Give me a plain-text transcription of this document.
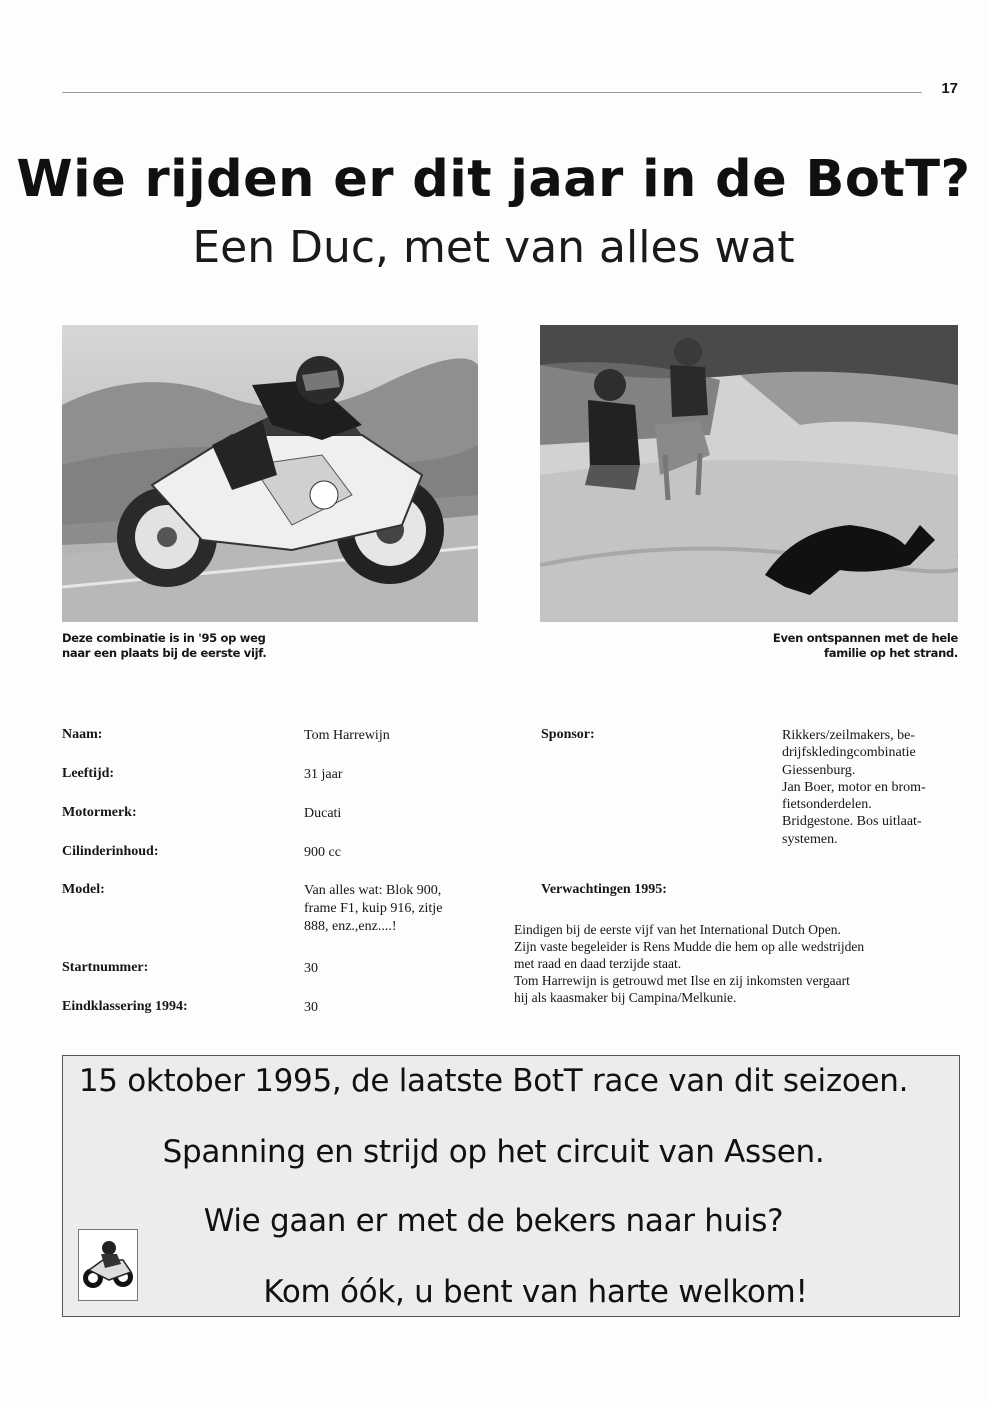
17
Wie rijden er dit jaar in de BotT?
Een Duc, met van alles wat
Deze combinatie is in '95 op weg
naar een plaats bij de eerste vijf.
Even ontspannen met de hele
familie op het strand.
Naam:	Tom Harrewijn
Leeftijd:	31 jaar
Motormerk:	Ducati
Cilinderinhoud:	900 cc
Model:	Van alles wat: Blok 900,
frame F1, kuip 916, zitje
888, enz.,enz....!
Startnummer:	30
Eindklassering 1994:	30
Sponsor:	Rikkers/zeilmakers, be-
drijfskledingcombinatie
Giessenburg.
Jan Boer, motor en brom-
fietsonderdelen.
Bridgestone. Bos uitlaat-
systemen.
Verwachtingen 1995:
Eindigen bij de eerste vijf van het International Dutch Open.
Zijn vaste begeleider is Rens Mudde die hem op alle wedstrijden
met raad en daad terzijde staat.
Tom Harrewijn is getrouwd met Ilse en zij inkomsten vergaart
hij als kaasmaker bij Campina/Melkunie.
15 oktober 1995, de laatste BotT race van dit seizoen.
Spanning en strijd op het circuit van Assen.
Wie gaan er met de bekers naar huis?
Kom óók, u bent van harte welkom!
